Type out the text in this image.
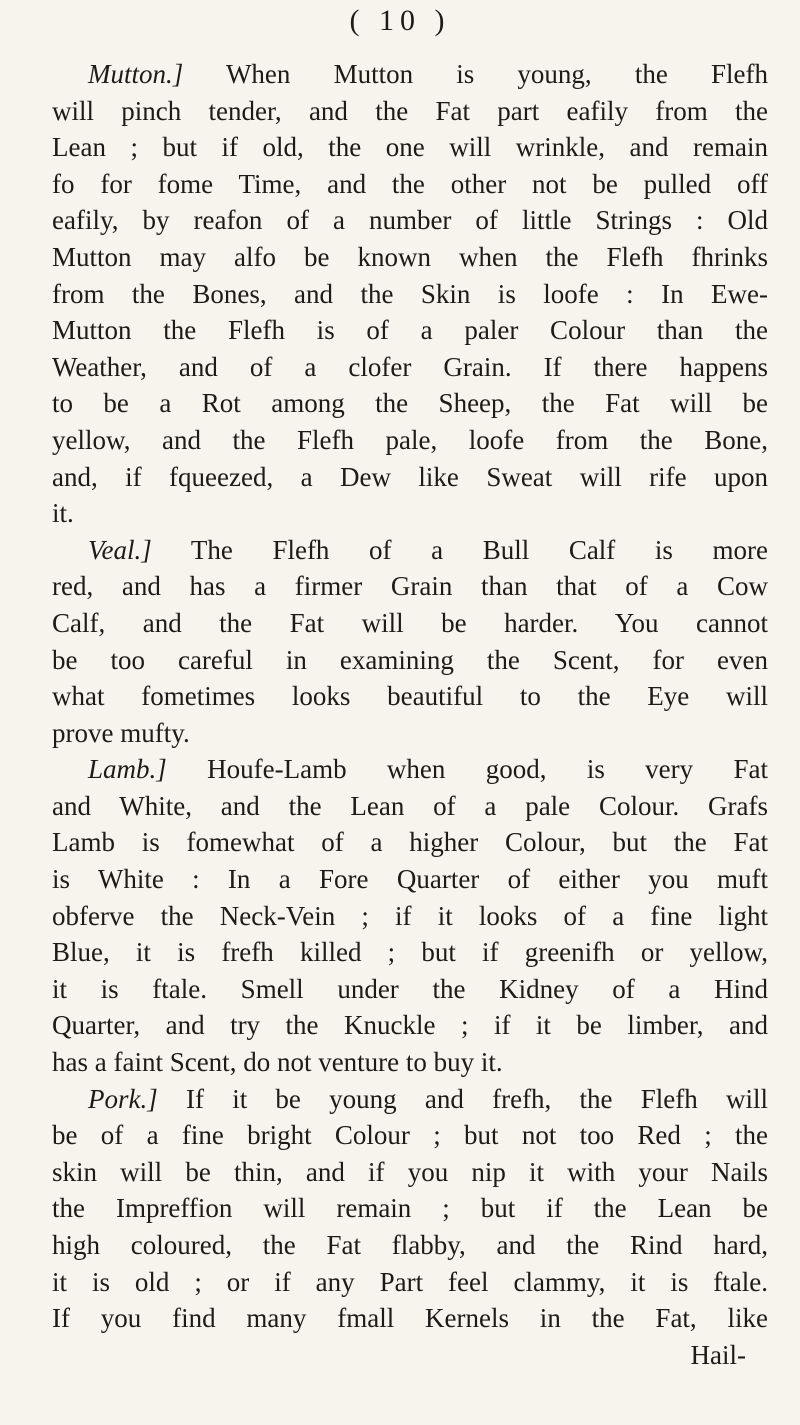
( 10 )
Mutton.] When Mutton is young, the Flefh
will pinch tender, and the Fat part eafily from the
Lean ; but if old, the one will wrinkle, and remain
fo for fome Time, and the other not be pulled off
eafily, by reafon of a number of little Strings : Old
Mutton may alfo be known when the Flefh fhrinks
from the Bones, and the Skin is loofe : In Ewe-
Mutton the Flefh is of a paler Colour than the
Weather, and of a clofer Grain. If there happens
to be a Rot among the Sheep, the Fat will be
yellow, and the Flefh pale, loofe from the Bone,
and, if fqueezed, a Dew like Sweat will rife upon
it.
Veal.] The Flefh of a Bull Calf is more
red, and has a firmer Grain than that of a Cow
Calf, and the Fat will be harder. You cannot
be too careful in examining the Scent, for even
what fometimes looks beautiful to the Eye will
prove mufty.
Lamb.] Houfe-Lamb when good, is very Fat
and White, and the Lean of a pale Colour. Grafs
Lamb is fomewhat of a higher Colour, but the Fat
is White : In a Fore Quarter of either you muft
obferve the Neck-Vein ; if it looks of a fine light
Blue, it is frefh killed ; but if greenifh or yellow,
it is ftale. Smell under the Kidney of a Hind
Quarter, and try the Knuckle ; if it be limber, and
has a faint Scent, do not venture to buy it.
Pork.] If it be young and frefh, the Flefh will
be of a fine bright Colour ; but not too Red ; the
skin will be thin, and if you nip it with your Nails
the Impreffion will remain ; but if the Lean be
high coloured, the Fat flabby, and the Rind hard,
it is old ; or if any Part feel clammy, it is ftale.
If you find many fmall Kernels in the Fat, like
Hail-
